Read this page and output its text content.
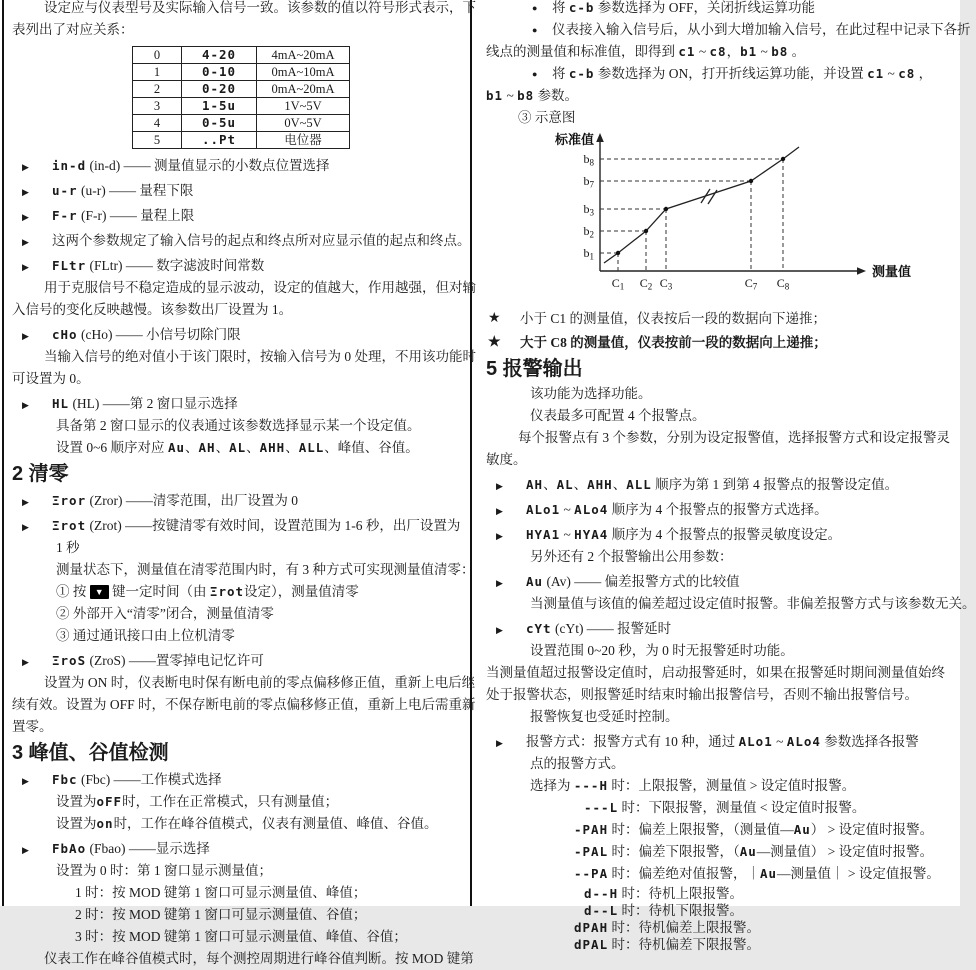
设定应与仪表型号及实际输入信号一致。该参数的值以符号形式表示，下
表列出了对应关系：
0	4-20	4mA~20mA
1	0-10	0mA~10mA
2	0-20	0mA~20mA
3	1-5u	1V~5V
4	0-5u	0V~5V
5	..Pt	电位器
▶ in-d (in-d) —— 测量值显示的小数点位置选择
▶ u-r (u-r) —— 量程下限
▶ F-r (F-r) —— 量程上限
▶ 这两个参数规定了输入信号的起点和终点所对应显示值的起点和终点。
▶ FLtr (FLtr) —— 数字滤波时间常数
用于克服信号不稳定造成的显示波动，设定的值越大，作用越强，但对输
入信号的变化反映越慢。该参数出厂设置为 1。
▶ cHo (cHo) —— 小信号切除门限
当输入信号的绝对值小于该门限时，按输入信号为 0 处理，不用该功能时
可设置为 0。
▶ HL (HL) ——第 2 窗口显示选择
具备第 2 窗口显示的仪表通过该参数选择显示某一个设定值。
设置 0~6 顺序对应 Au、AH、AL、AHH、ALL、峰值、谷值。
2 清零
▶ Ξror (Zror) ——清零范围，出厂设置为 0
▶ Ξrot (Zrot) ——按键清零有效时间，设置范围为 1-6 秒，出厂设置为
1 秒
测量状态下，测量值在清零范围内时，有 3 种方式可实现测量值清零：
① 按 ▼ 键一定时间（由 Ξrot设定），测量值清零
② 外部开入“清零”闭合，测量值清零
③ 通过通讯接口由上位机清零
▶ ΞroS (ZroS) ——置零掉电记忆许可
设置为 ON 时，仪表断电时保有断电前的零点偏移修正值，重新上电后继
续有效。设置为 OFF 时，不保存断电前的零点偏移修正值，重新上电后需重新
置零。
3 峰值、谷值检测
▶ Fbc (Fbc) ——工作模式选择
设置为oFF时，工作在正常模式，只有测量值；
设置为on时，工作在峰谷值模式，仪表有测量值、峰值、谷值。
▶ FbAo (Fbao) ——显示选择
设置为 0 时：第 1 窗口显示测量值；
1 时：按 MOD 键第 1 窗口可显示测量值、峰值；
2 时：按 MOD 键第 1 窗口可显示测量值、谷值；
3 时：按 MOD 键第 1 窗口可显示测量值、峰值、谷值；
仪表工作在峰谷值模式时，每个测控周期进行峰谷值判断。按 MOD 键第
● 将 c-b 参数选择为 OFF，关闭折线运算功能
● 仪表接入输入信号后，从小到大增加输入信号，在此过程中记录下各折
线点的测量值和标准值，即得到 c1 ~ c8，b1 ~ b8 。
● 将 c-b 参数选择为 ON，打开折线运算功能，并设置 c1 ~ c8 ，
b1 ~ b8 参数。
③ 示意图
标准值
测量值
$b_8$
$b_7$
$b_3$
$b_2$
$b_1$
$C_1$ $C_2$ $C_3$	$C_7$ $C_8$
★ 小于 C1 的测量值，仪表按后一段的数据向下递推；
★ 大于 C8 的测量值，仪表按前一段的数据向上递推；
5 报警输出
该功能为选择功能。
仪表最多可配置 4 个报警点。
每个报警点有 3 个参数，分别为设定报警值，选择报警方式和设定报警灵
敏度。
▶ AH、AL、AHH、ALL 顺序为第 1 到第 4 报警点的报警设定值。
▶ ALo1 ~ ALo4 顺序为 4 个报警点的报警方式选择。
▶ HYA1 ~ HYA4 顺序为 4 个报警点的报警灵敏度设定。
另外还有 2 个报警输出公用参数：
▶ Au (Av) —— 偏差报警方式的比较值
当测量值与该值的偏差超过设定值时报警。非偏差报警方式与该参数无关。
▶ cYt (cYt) —— 报警延时
设置范围 0~20 秒，为 0 时无报警延时功能。
当测量值超过报警设定值时，启动报警延时，如果在报警延时期间测量值始终
处于报警状态，则报警延时结束时输出报警信号，否则不输出报警信号。
报警恢复也受延时控制。
▶ 报警方式：报警方式有 10 种，通过 ALo1 ~ ALo4 参数选择各报警
点的报警方式。
选择为 ---H 时：上限报警，测量值 > 设定值时报警。
---L 时：下限报警，测量值 < 设定值时报警。
-PAH 时：偏差上限报警，（测量值—Au） > 设定值时报警。
-PAL 时：偏差下限报警，（Au—测量值） > 设定值时报警。
--PA 时：偏差绝对值报警，｜Au—测量值｜ > 设定值报警。
d--H 时：待机上限报警。
d--L 时：待机下限报警。
dPAH 时：待机偏差上限报警。
dPAL 时：待机偏差下限报警。
